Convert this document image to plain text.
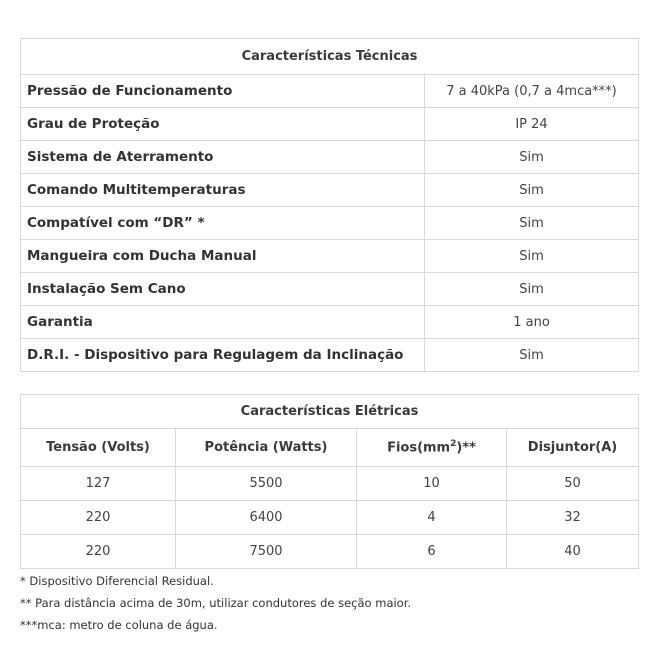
Características Técnicas	
Pressão de Funcionamento	7 a 40kPa (0,7 a 4mca***)
Grau de Proteção	IP 24
Sistema de Aterramento	Sim
Comando Multitemperaturas	Sim
Compatível com “DR” *	Sim
Mangueira com Ducha Manual	Sim
Instalação Sem Cano	Sim
Garantia	1 ano
D.R.I. - Dispositivo para Regulagem da Inclinação	Sim
Características Elétricas			
Tensão (Volts)	Potência (Watts)	$Fios(mm^2)**$	Disjuntor(A)
127	5500	10	50
220	6400	4	32
220	7500	6	40
* Dispositivo Diferencial Residual.
** Para distância acima de 30m, utilizar condutores de seção maior.
***mca: metro de coluna de água.
